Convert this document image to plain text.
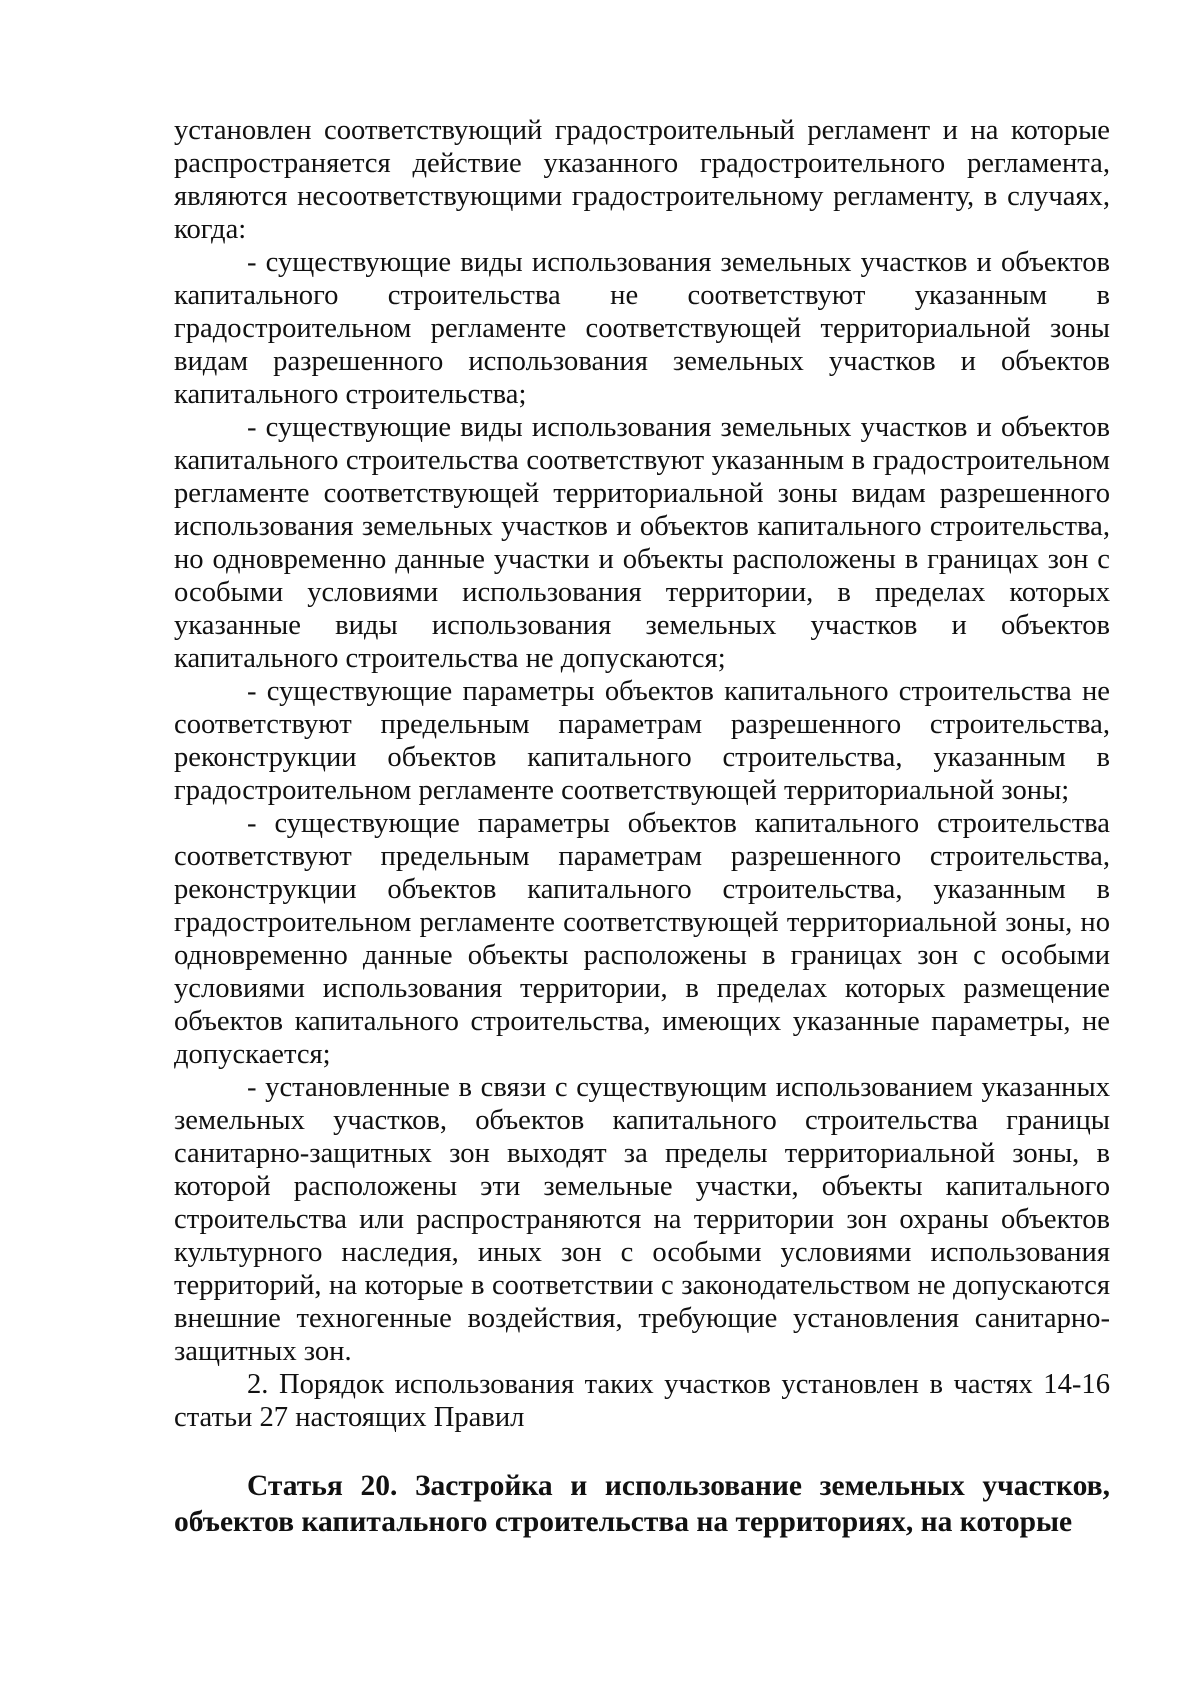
установлен соответствующий градостроительный регламент и на которые распространяется действие указанного градостроительного регламента, являются несоответствующими градостроительному регламенту, в случаях, когда:

- существующие виды использования земельных участков и объектов капитального строительства не соответствуют указанным в градостроительном регламенте соответствующей территориальной зоны видам разрешенного использования земельных участков и объектов капитального строительства;

- существующие виды использования земельных участков и объектов капитального строительства соответствуют указанным в градостроительном регламенте соответствующей территориальной зоны видам разрешенного использования земельных участков и объектов капитального строительства, но одновременно данные участки и объекты расположены в границах зон с особыми условиями использования территории, в пределах которых указанные виды использования земельных участков и объектов капитального строительства не допускаются;

- существующие параметры объектов капитального строительства не соответствуют предельным параметрам разрешенного строительства, реконструкции объектов капитального строительства, указанным в градостроительном регламенте соответствующей территориальной зоны;

- существующие параметры объектов капитального строительства соответствуют предельным параметрам разрешенного строительства, реконструкции объектов капитального строительства, указанным в градостроительном регламенте соответствующей территориальной зоны, но одновременно данные объекты расположены в границах зон с особыми условиями использования территории, в пределах которых размещение объектов капитального строительства, имеющих указанные параметры, не допускается;

- установленные в связи с существующим использованием указанных земельных участков, объектов капитального строительства границы санитарно-защитных зон выходят за пределы территориальной зоны, в которой расположены эти земельные участки, объекты капитального строительства или распространяются на территории зон охраны объектов культурного наследия, иных зон с особыми условиями использования территорий, на которые в соответствии с законодательством не допускаются внешние техногенные воздействия, требующие установления санитарно-защитных зон.

2. Порядок использования таких участков установлен в частях 14-16 статьи 27 настоящих Правил

Статья 20. Застройка и использование земельных участков, объектов капитального строительства на территориях, на которые
